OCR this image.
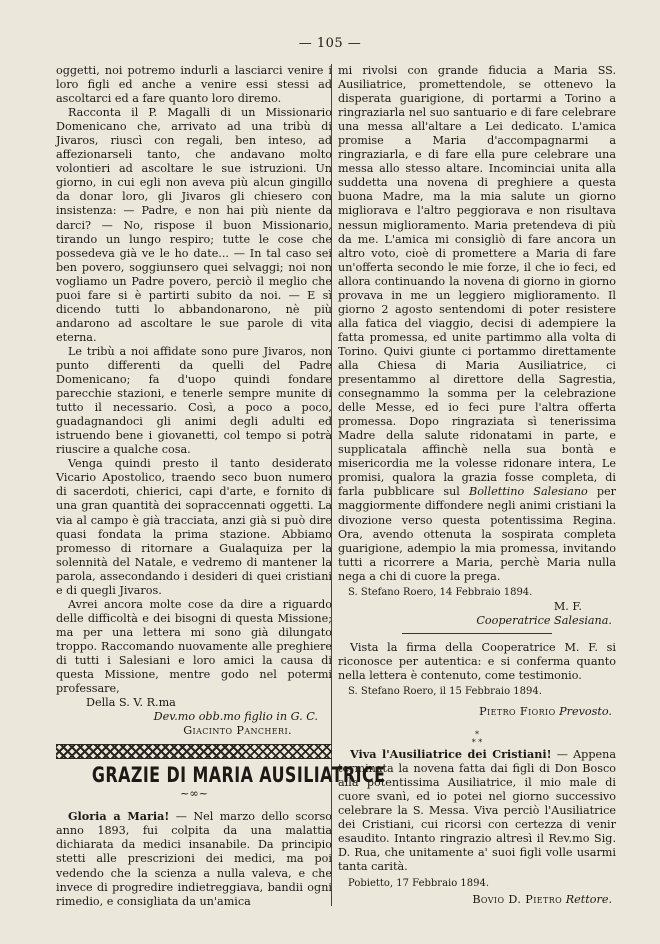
— 105 —

oggetti, noi potremo indurli a lasciarci venire i loro figli ed anche a venire essi stessi ad ascoltarci ed a fare quanto loro diremo.

Racconta il P. Magalli di un Missionario Domenicano che, arrivato ad una tribù di Jivaros, riuscì con regali, ben inteso, ad affezionarseli tanto, che andavano molto volontieri ad ascoltare le sue istruzioni. Un giorno, in cui egli non aveva più alcun gingillo da donar loro, gli Jivaros gli chiesero con insistenza: — Padre, e non hai più niente da darci? — No, rispose il buon Missionario, tirando un lungo respiro; tutte le cose che possedeva già ve le ho date... — In tal caso sei ben povero, soggiunsero quei selvaggi; noi non vogliamo un Padre povero, perciò il meglio che puoi fare si è partirti subito da noi. — E sì dicendo tutti lo abbandonarono, nè più andarono ad ascoltare le sue parole di vita eterna.

Le tribù a noi affidate sono pure Jivaros, non punto differenti da quelli del Padre Domenicano; fa d'uopo quindi fondare parecchie stazioni, e tenerle sempre munite di tutto il necessario. Così, a poco a poco, guadagnandoci gli animi degli adulti ed istruendo bene i giovanetti, col tempo si potrà riuscire a qualche cosa.

Venga quindi presto il tanto desiderato Vicario Apostolico, traendo seco buon numero di sacerdoti, chierici, capi d'arte, e fornito di una gran quantità dei sopraccennati oggetti. La via al campo è già tracciata, anzi già si può dire quasi fondata la prima stazione. Abbiamo promesso di ritornare a Gualaquiza per la solennità del Natale, e vedremo di mantener la parola, assecondando i desideri di quei cristiani e di quegli Jivaros.

Avrei ancora molte cose da dire a riguardo delle difficoltà e dei bisogni di questa Missione; ma per una lettera mi sono già dilungato troppo. Raccomando nuovamente alle preghiere di tutti i Salesiani e loro amici la causa di questa Missione, mentre godo nel potermi professare,

Della S. V. R.ma

Dev.mo obb.mo figlio in G. C.
Giacinto Pancheri.
GRAZIE DI MARIA AUSILIATRICE
~∞~

Gloria a Maria! — Nel marzo dello scorso anno 1893, fui colpita da una malattia dichiarata da medici insanabile. Da principio stetti alle prescrizioni dei medici, ma poi vedendo che la scienza a nulla valeva, e che invece di progredire indietreggiava, bandii ogni rimedio, e consigliata da un'amica

mi rivolsi con grande fiducia a Maria SS. Ausiliatrice, promettendole, se ottenevo la disperata guarigione, di portarmi a Torino a ringraziarla nel suo santuario e di fare celebrare una messa all'altare a Lei dedicato. L'amica promise a Maria d'accompagnarmi a ringraziarla, e di fare ella pure celebrare una messa allo stesso altare. Incominciai unita alla suddetta una novena di preghiere a questa buona Madre, ma la mia salute un giorno migliorava e l'altro peggiorava e non risultava nessun miglioramento. Maria pretendeva di più da me. L'amica mi consigliò di fare ancora un altro voto, cioè di promettere a Maria di fare un'offerta secondo le mie forze, il che io feci, ed allora continuando la novena di giorno in giorno provava in me un leggiero miglioramento. Il giorno 2 agosto sentendomi di poter resistere alla fatica del viaggio, decisi di adempiere la fatta promessa, ed unite partimmo alla volta di Torino. Quivi giunte ci portammo direttamente alla Chiesa di Maria Ausiliatrice, ci presentammo al direttore della Sagrestia, consegnammo la somma per la celebrazione delle Messe, ed io feci pure l'altra offerta promessa. Dopo ringraziata sì tenerissima Madre della salute ridonatami in parte, e supplicatala affinchè nella sua bontà e misericordia me la volesse ridonare intera, Le promisi, qualora la grazia fosse completa, di farla pubblicare sul Bollettino Salesiano per maggiormente diffondere negli animi cristiani la divozione verso questa potentissima Regina. Ora, avendo ottenuta la sospirata completa guarigione, adempio la mia promessa, invitando tutti a ricorrere a Maria, perchè Maria nulla nega a chi di cuore la prega.

S. Stefano Roero, 14 Febbraio 1894.

M. F.
Cooperatrice Salesiana.

Vista la firma della Cooperatrice M. F. si riconosce per autentica: e si conferma quanto nella lettera è contenuto, come testimonio.

S. Stefano Roero, il 15 Febbraio 1894.

Pietro Fiorio Prevosto.
*
* *

Viva l'Ausiliatrice dei Cristiani! — Appena terminata la novena fatta dai figli di Don Bosco alla potentissima Ausiliatrice, il mio male di cuore svanì, ed io potei nel giorno successivo celebrare la S. Messa. Viva perciò l'Ausiliatrice dei Cristiani, cui ricorsi con certezza di venir esaudito. Intanto ringrazio altresì il Rev.mo Sig. D. Rua, che unitamente a' suoi figli volle usarmi tanta carità.

Pobietto, 17 Febbraio 1894.

Bovio D. Pietro Rettore.
